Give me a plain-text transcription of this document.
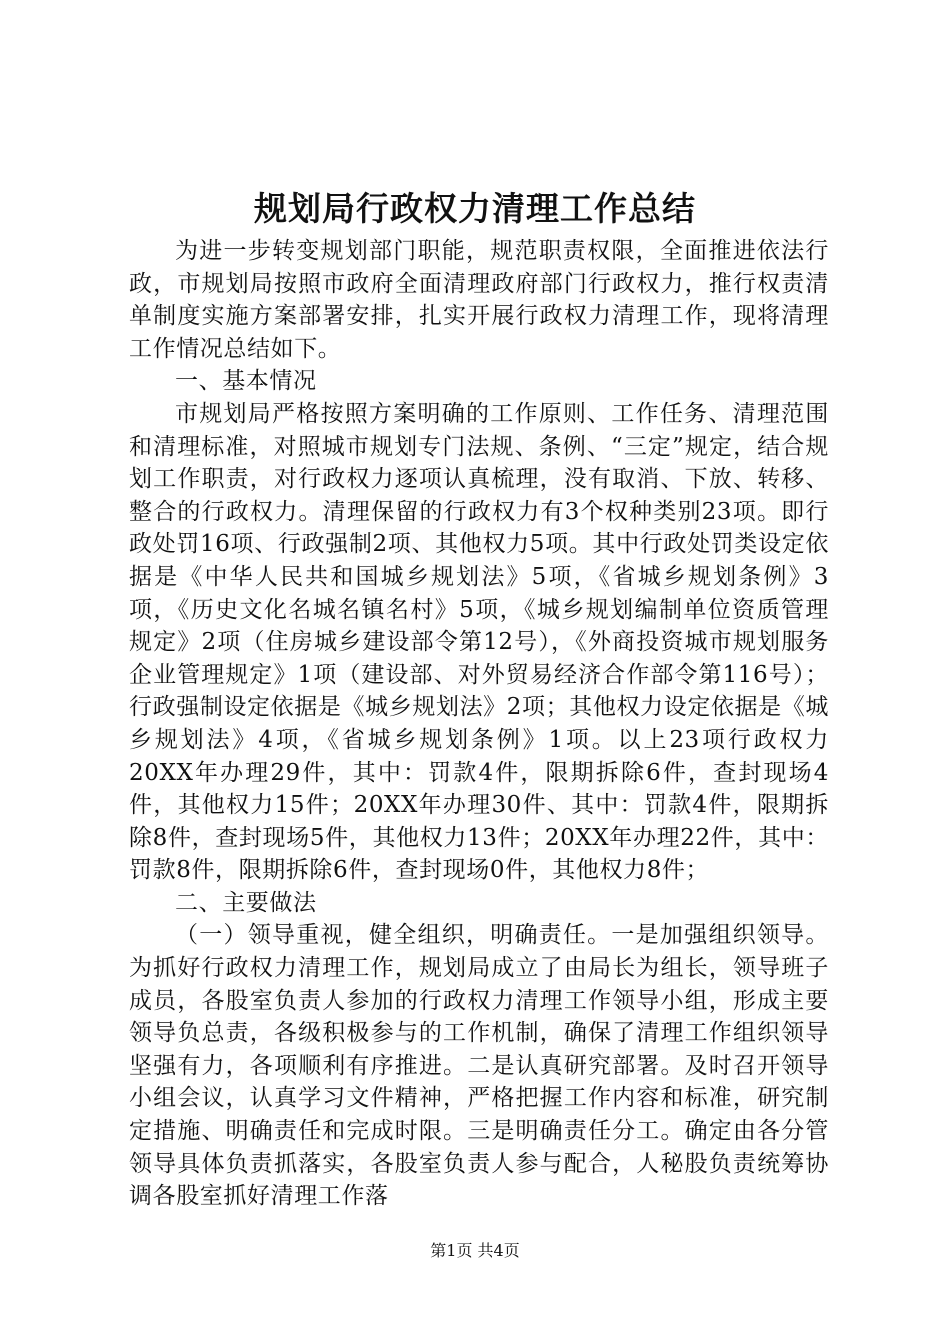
规划局行政权力清理工作总结

为进一步转变规划部门职能，规范职责权限，全面推进依法行政，市规划局按照市政府全面清理政府部门行政权力，推行权责清单制度实施方案部署安排，扎实开展行政权力清理工作，现将清理工作情况总结如下。

一、基本情况

市规划局严格按照方案明确的工作原则、工作任务、清理范围和清理标准，对照城市规划专门法规、条例、“三定”规定，结合规划工作职责，对行政权力逐项认真梳理，没有取消、下放、转移、整合的行政权力。清理保留的行政权力有3个权种类别23项。即行政处罚16项、行政强制2项、其他权力5项。其中行政处罚类设定依据是《中华人民共和国城乡规划法》5项，《省城乡规划条例》3项，《历史文化名城名镇名村》5项，《城乡规划编制单位资质管理规定》2项（住房城乡建设部令第12号），《外商投资城市规划服务企业管理规定》1项（建设部、对外贸易经济合作部令第116号）；行政强制设定依据是《城乡规划法》2项；其他权力设定依据是《城乡规划法》4项，《省城乡规划条例》1项。以上23项行政权力20XX年办理29件，其中：罚款4件，限期拆除6件，查封现场4件，其他权力15件；20XX年办理30件、其中：罚款4件，限期拆除8件，查封现场5件，其他权力13件；20XX年办理22件，其中：罚款8件，限期拆除6件，查封现场0件，其他权力8件；

二、主要做法

（一）领导重视，健全组织，明确责任。一是加强组织领导。为抓好行政权力清理工作，规划局成立了由局长为组长，领导班子成员，各股室负责人参加的行政权力清理工作领导小组，形成主要领导负总责，各级积极参与的工作机制，确保了清理工作组织领导坚强有力，各项顺利有序推进。二是认真研究部署。及时召开领导小组会议，认真学习文件精神，严格把握工作内容和标准，研究制定措施、明确责任和完成时限。三是明确责任分工。确定由各分管领导具体负责抓落实，各股室负责人参与配合，人秘股负责统筹协调各股室抓好清理工作落

第1页 共4页
